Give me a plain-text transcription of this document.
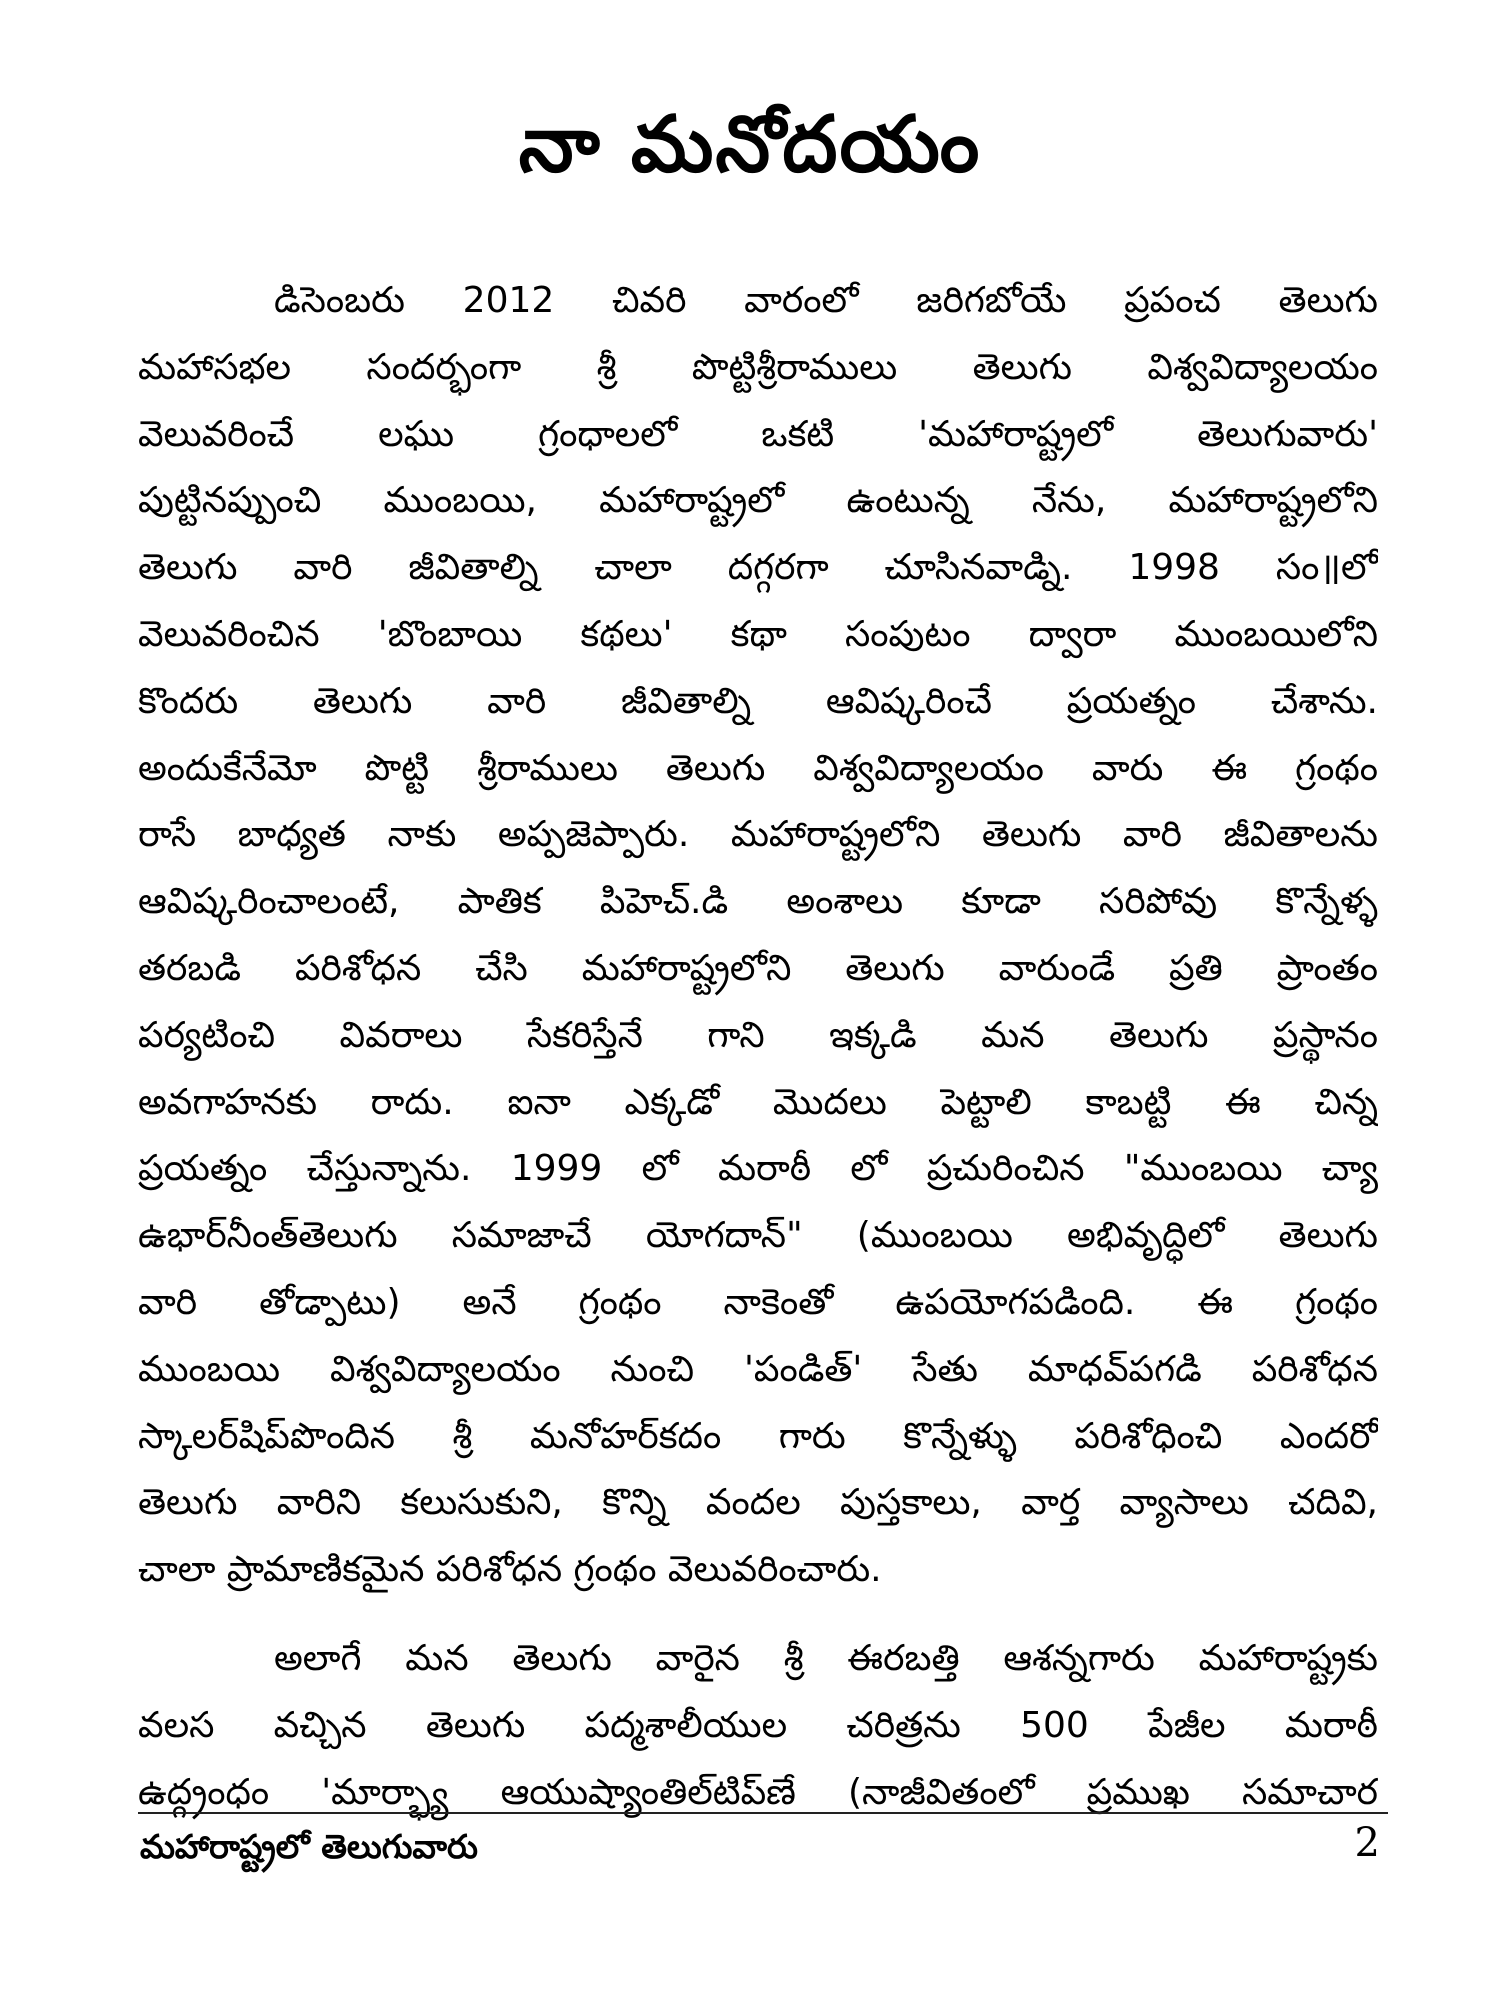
నా మనోదయం
డిసెంబరు 2012 చివరి వారంలో జరిగబోయే ప్రపంచ తెలుగు
మహాసభల సందర్భంగా శ్రీ పొట్టిశ్రీరాములు తెలుగు విశ్వవిద్యాలయం
వెలువరించే లఘు గ్రంధాలలో ఒకటి 'మహారాష్ట్రలో తెలుగువారు'
పుట్టినప్పుంచి ముంబయి, మహారాష్ట్రలో ఉంటున్న నేను, మహారాష్ట్రలోని
తెలుగు వారి జీవితాల్ని చాలా దగ్గరగా చూసినవాడ్ని. 1998 సం॥లో
వెలువరించిన 'బొంబాయి కథలు' కథా సంపుటం ద్వారా ముంబయిలోని
కొందరు తెలుగు వారి జీవితాల్ని ఆవిష్కరించే ప్రయత్నం చేశాను.
అందుకేనేమో పొట్టి శ్రీరాములు తెలుగు విశ్వవిద్యాలయం వారు ఈ గ్రంథం
రాసే బాధ్యత నాకు అప్పజెప్పారు. మహారాష్ట్రలోని తెలుగు వారి జీవితాలను
ఆవిష్కరించాలంటే, పాతిక పిహెచ్.డి అంశాలు కూడా సరిపోవు కొన్నేళ్ళ
తరబడి పరిశోధన చేసి మహారాష్ట్రలోని తెలుగు వారుండే ప్రతి ప్రాంతం
పర్యటించి వివరాలు సేకరిస్తేనే గాని ఇక్కడి మన తెలుగు ప్రస్థానం
అవగాహనకు రాదు. ఐనా ఎక్కడో మొదలు పెట్టాలి కాబట్టి ఈ చిన్న
ప్రయత్నం చేస్తున్నాను. 1999 లో మరాఠీ లో ప్రచురించిన "ముంబయి చ్యా
ఉభార్‌నీంత్‌తెలుగు సమాజాచే యోగదాన్" (ముంబయి అభివృద్ధిలో తెలుగు
వారి తోడ్పాటు) అనే గ్రంథం నాకెంతో ఉపయోగపడింది. ఈ గ్రంథం
ముంబయి విశ్వవిద్యాలయం నుంచి 'పండిత్' సేతు మాధవ్‌పగడి పరిశోధన
స్కాలర్‌షిప్‌పొందిన శ్రీ మనోహర్‌కదం గారు కొన్నేళ్ళు పరిశోధించి ఎందరో
తెలుగు వారిని కలుసుకుని, కొన్ని వందల పుస్తకాలు, వార్త వ్యాసాలు చదివి,
చాలా ప్రామాణికమైన పరిశోధన గ్రంథం వెలువరించారు.
అలాగే మన తెలుగు వారైన శ్రీ ఈరబత్తి ఆశన్నగారు మహారాష్ట్రకు
వలస వచ్చిన తెలుగు పద్మశాలీయుల చరిత్రను 500 పేజీల మరాఠీ
ఉద్గ్రంధం 'మార్భ్యా ఆయుష్యాంతిల్‌టిప్‌ణే (నాజీవితంలో ప్రముఖ సమాచార
మహారాష్ట్రలో తెలుగువారు	2
